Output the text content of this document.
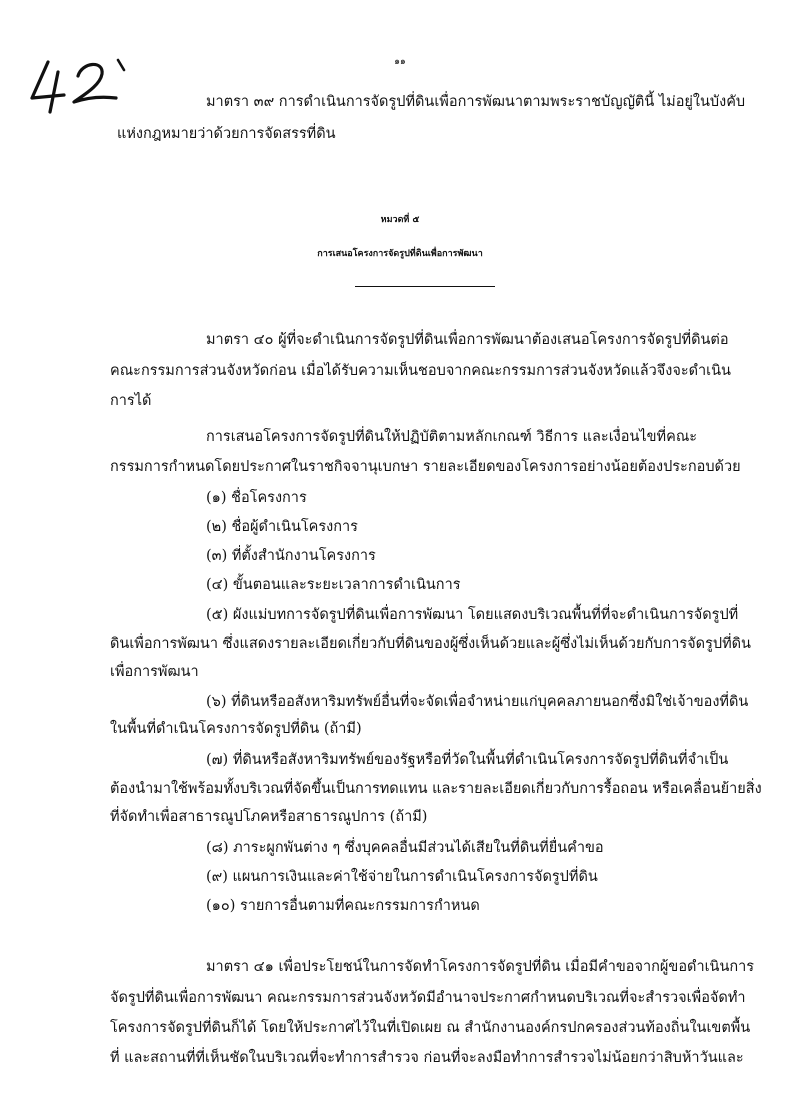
๑๑
มาตรา ๓๙ การดำเนินการจัดรูปที่ดินเพื่อการพัฒนาตามพระราชบัญญัตินี้ ไม่อยู่ในบังคับ
แห่งกฎหมายว่าด้วยการจัดสรรที่ดิน
หมวดที่ ๕
การเสนอโครงการจัดรูปที่ดินเพื่อการพัฒนา
มาตรา ๔๐ ผู้ที่จะดำเนินการจัดรูปที่ดินเพื่อการพัฒนาต้องเสนอโครงการจัดรูปที่ดินต่อ
คณะกรรมการส่วนจังหวัดก่อน เมื่อได้รับความเห็นชอบจากคณะกรรมการส่วนจังหวัดแล้วจึงจะดำเนิน
การได้
การเสนอโครงการจัดรูปที่ดินให้ปฏิบัติตามหลักเกณฑ์ วิธีการ และเงื่อนไขที่คณะ
กรรมการกำหนดโดยประกาศในราชกิจจานุเบกษา รายละเอียดของโครงการอย่างน้อยต้องประกอบด้วย
(๑) ชื่อโครงการ
(๒) ชื่อผู้ดำเนินโครงการ
(๓) ที่ตั้งสำนักงานโครงการ
(๔) ขั้นตอนและระยะเวลาการดำเนินการ
(๕) ผังแม่บทการจัดรูปที่ดินเพื่อการพัฒนา โดยแสดงบริเวณพื้นที่ที่จะดำเนินการจัดรูปที่
ดินเพื่อการพัฒนา ซึ่งแสดงรายละเอียดเกี่ยวกับที่ดินของผู้ซึ่งเห็นด้วยและผู้ซึ่งไม่เห็นด้วยกับการจัดรูปที่ดิน
เพื่อการพัฒนา
(๖) ที่ดินหรืออสังหาริมทรัพย์อื่นที่จะจัดเพื่อจำหน่ายแก่บุคคลภายนอกซึ่งมิใช่เจ้าของที่ดิน
ในพื้นที่ดำเนินโครงการจัดรูปที่ดิน (ถ้ามี)
(๗) ที่ดินหรือสังหาริมทรัพย์ของรัฐหรือที่วัดในพื้นที่ดำเนินโครงการจัดรูปที่ดินที่จำเป็น
ต้องนำมาใช้พร้อมทั้งบริเวณที่จัดขึ้นเป็นการทดแทน และรายละเอียดเกี่ยวกับการรื้อถอน หรือเคลื่อนย้ายสิ่ง
ที่จัดทำเพื่อสาธารณูปโภคหรือสาธารณูปการ (ถ้ามี)
(๘) ภาระผูกพันต่าง ๆ ซึ่งบุคคลอื่นมีส่วนได้เสียในที่ดินที่ยื่นคำขอ
(๙) แผนการเงินและค่าใช้จ่ายในการดำเนินโครงการจัดรูปที่ดิน
(๑๐) รายการอื่นตามที่คณะกรรมการกำหนด
มาตรา ๔๑ เพื่อประโยชน์ในการจัดทำโครงการจัดรูปที่ดิน เมื่อมีคำขอจากผู้ขอดำเนินการ
จัดรูปที่ดินเพื่อการพัฒนา คณะกรรมการส่วนจังหวัดมีอำนาจประกาศกำหนดบริเวณที่จะสำรวจเพื่อจัดทำ
โครงการจัดรูปที่ดินก็ได้ โดยให้ประกาศไว้ในที่เปิดเผย ณ สำนักงานองค์กรปกครองส่วนท้องถิ่นในเขตพื้น
ที่ และสถานที่ที่เห็นชัดในบริเวณที่จะทำการสำรวจ ก่อนที่จะลงมือทำการสำรวจไม่น้อยกว่าสิบห้าวันและ
